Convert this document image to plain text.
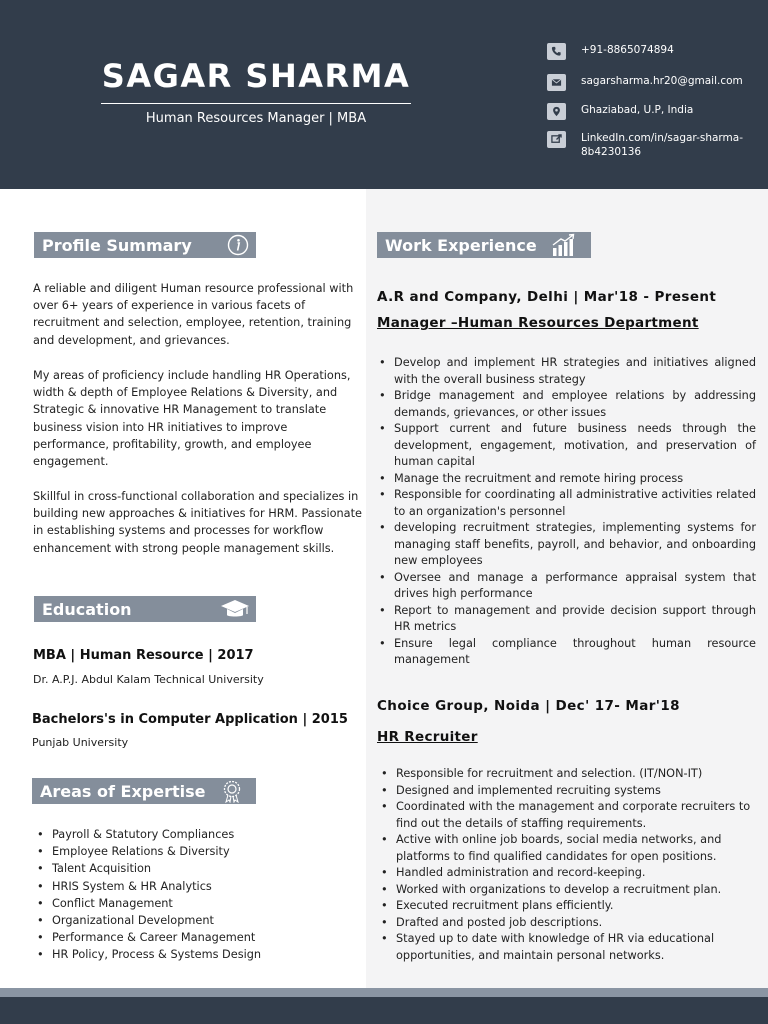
SAGAR SHARMA
Human Resources Manager | MBA
+91-8865074894
sagarsharma.hr20@gmail.com
Ghaziabad, U.P, India
LinkedIn.com/in/sagar-sharma-8b4230136
Profile Summary
A reliable and diligent Human resource professional with over 6+ years of experience in various facets of recruitment and selection, employee, retention, training and development, and grievances.
My areas of proficiency include handling HR Operations, width & depth of Employee Relations & Diversity, and Strategic & innovative HR Management to translate business vision into HR initiatives to improve performance, profitability, growth, and employee engagement.
Skillful in cross-functional collaboration and specializes in building new approaches & initiatives for HRM. Passionate in establishing systems and processes for workflow enhancement with strong people management skills.
Education
MBA | Human Resource | 2017
Dr. A.P.J. Abdul Kalam Technical University
Bachelors's in Computer Application | 2015
Punjab University
Areas of Expertise
• Payroll & Statutory Compliances
• Employee Relations & Diversity
• Talent Acquisition
• HRIS System & HR Analytics
• Conflict Management
• Organizational Development
• Performance & Career Management
• HR Policy, Process & Systems Design
Work Experience
A.R and Company, Delhi | Mar'18 - Present
Manager –Human Resources Department
• Develop and implement HR strategies and initiatives aligned with the overall business strategy
• Bridge management and employee relations by addressing demands, grievances, or other issues
• Support current and future business needs through the development, engagement, motivation, and preservation of human capital
• Manage the recruitment and remote hiring process
• Responsible for coordinating all administrative activities related to an organization's personnel
• developing recruitment strategies, implementing systems for managing staff benefits, payroll, and behavior, and onboarding new employees
• Oversee and manage a performance appraisal system that drives high performance
• Report to management and provide decision support through HR metrics
• Ensure legal compliance throughout human resource management
Choice Group, Noida | Dec' 17- Mar'18
HR Recruiter
• Responsible for recruitment and selection. (IT/NON-IT)
• Designed and implemented recruiting systems
• Coordinated with the management and corporate recruiters to find out the details of staffing requirements.
• Active with online job boards, social media networks, and platforms to find qualified candidates for open positions.
• Handled administration and record-keeping.
• Worked with organizations to develop a recruitment plan.
• Executed recruitment plans efficiently.
• Drafted and posted job descriptions.
• Stayed up to date with knowledge of HR via educational opportunities, and maintain personal networks.
